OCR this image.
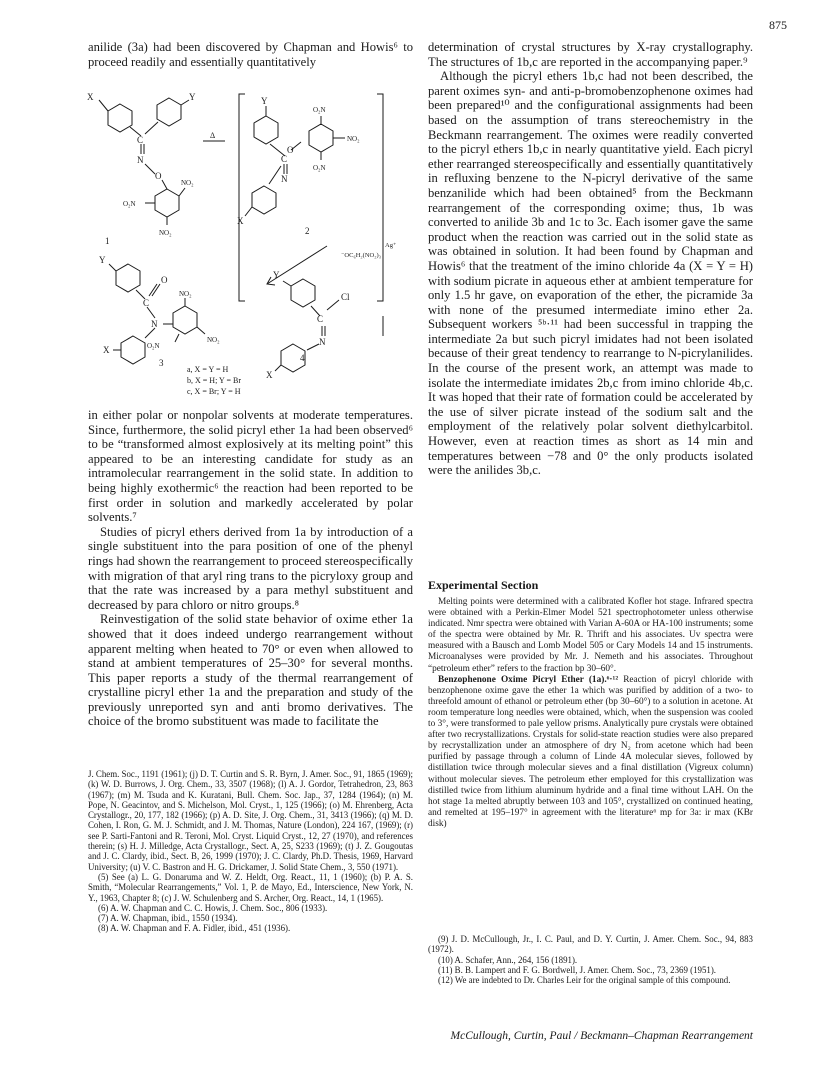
875

anilide (3a) had been discovered by Chapman and Howis⁶ to proceed readily and essentially quantitatively

X	Y
C
N
O
NO₂
O₂N
NO₂
1
Δ
Y
O
C
N
O₂N
NO₂
O₂N
X
2
Ag⁺
⁻OC₆H₂(NO₂)₃
Y
O
C
N
NO₂
X	O₂N
NO₂
3
Y
C
Cl
N
X
4
a, X = Y = H
b, X = H; Y = Br
c, X = Br; Y = H

in either polar or nonpolar solvents at moderate temperatures. Since, furthermore, the solid picryl ether 1a had been observed⁶ to be “transformed almost explosively at its melting point” this appeared to be an interesting candidate for study as an intramolecular rearrangement in the solid state. In addition to being highly exothermic⁶ the reaction had been reported to be first order in solution and markedly accelerated by polar solvents.⁷

Studies of picryl ethers derived from 1a by introduction of a single substituent into the para position of one of the phenyl rings had shown the rearrangement to proceed stereospecifically with migration of that aryl ring trans to the picryloxy group and that the rate was increased by a para methyl substituent and decreased by para chloro or nitro groups.⁸

Reinvestigation of the solid state behavior of oxime ether 1a showed that it does indeed undergo rearrangement without apparent melting when heated to 70° or even when allowed to stand at ambient temperatures of 25–30° for several months. This paper reports a study of the thermal rearrangement of crystalline picryl ether 1a and the preparation and study of the previously unreported syn and anti bromo derivatives. The choice of the bromo substituent was made to facilitate the

J. Chem. Soc., 1191 (1961); (j) D. T. Curtin and S. R. Byrn, J. Amer. Soc., 91, 1865 (1969); (k) W. D. Burrows, J. Org. Chem., 33, 3507 (1968); (l) A. J. Gordor, Tetrahedron, 23, 863 (1967); (m) M. Tsuda and K. Kuratani, Bull. Chem. Soc. Jap., 37, 1284 (1964); (n) M. Pope, N. Geacintov, and S. Michelson, Mol. Cryst., 1, 125 (1966); (o) M. Ehrenberg, Acta Crystallogr., 20, 177, 182 (1966); (p) A. D. Site, J. Org. Chem., 31, 3413 (1966); (q) M. D. Cohen, I. Ron, G. M. J. Schmidt, and J. M. Thomas, Nature (London), 224 167, (1969); (r) see P. Sarti-Fantoni and R. Teroni, Mol. Cryst. Liquid Cryst., 12, 27 (1970), and references therein; (s) H. J. Milledge, Acta Crystallogr., Sect. A, 25, S233 (1969); (t) J. Z. Gougoutas and J. C. Clardy, ibid., Sect. B, 26, 1999 (1970); J. C. Clardy, Ph.D. Thesis, 1969, Harvard University; (u) V. C. Bastron and H. G. Drickamer, J. Solid State Chem., 3, 550 (1971).

(5) See (a) L. G. Donaruma and W. Z. Heldt, Org. React., 11, 1 (1960); (b) P. A. S. Smith, “Molecular Rearrangements,” Vol. 1, P. de Mayo, Ed., Interscience, New York, N. Y., 1963, Chapter 8; (c) J. W. Schulenberg and S. Archer, Org. React., 14, 1 (1965).

(6) A. W. Chapman and C. C. Howis, J. Chem. Soc., 806 (1933).

(7) A. W. Chapman, ibid., 1550 (1934).

(8) A. W. Chapman and F. A. Fidler, ibid., 451 (1936).

determination of crystal structures by X-ray crystallography. The structures of 1b,c are reported in the accompanying paper.⁹

Although the picryl ethers 1b,c had not been described, the parent oximes syn- and anti-p-bromobenzophenone oximes had been prepared¹⁰ and the configurational assignments had been based on the assumption of trans stereochemistry in the Beckmann rearrangement. The oximes were readily converted to the picryl ethers 1b,c in nearly quantitative yield. Each picryl ether rearranged stereospecifically and essentially quantitatively in refluxing benzene to the N-picryl derivative of the same benzanilide which had been obtained⁵ from the Beckmann rearrangement of the corresponding oxime; thus, 1b was converted to anilide 3b and 1c to 3c. Each isomer gave the same product when the reaction was carried out in the solid state as was obtained in solution. It had been found by Chapman and Howis⁶ that the treatment of the imino chloride 4a (X = Y = H) with sodium picrate in aqueous ether at ambient temperature for only 1.5 hr gave, on evaporation of the ether, the picramide 3a with none of the presumed intermediate imino ether 2a. Subsequent workers ⁵ᵇ·¹¹ had been successful in trapping the intermediate 2a but such picryl imidates had not been isolated because of their great tendency to rearrange to N-picrylanilides. In the course of the present work, an attempt was made to isolate the intermediate imidates 2b,c from imino chloride 4b,c. It was hoped that their rate of formation could be accelerated by the use of silver picrate instead of the sodium salt and the employment of the relatively polar solvent diethylcarbitol. However, even at reaction times as short as 14 min and temperatures between −78 and 0° the only products isolated were the anilides 3b,c.

Experimental Section

Melting points were determined with a calibrated Kofler hot stage. Infrared spectra were obtained with a Perkin-Elmer Model 521 spectrophotometer unless otherwise indicated. Nmr spectra were obtained with Varian A-60A or HA-100 instruments; some of the spectra were obtained by Mr. R. Thrift and his associates. Uv spectra were measured with a Bausch and Lomb Model 505 or Cary Models 14 and 15 instruments. Microanalyses were provided by Mr. J. Nemeth and his associates. Throughout “petroleum ether” refers to the fraction bp 30–60°.

Benzophenone Oxime Picryl Ether (1a).⁶·¹² Reaction of picryl chloride with benzophenone oxime gave the ether 1a which was purified by addition of a two- to threefold amount of ethanol or petroleum ether (bp 30–60°) to a solution in acetone. At room temperature long needles were obtained, which, when the suspension was cooled to 3°, were transformed to pale yellow prisms. Analytically pure crystals were obtained after two recrystallizations. Crystals for solid-state reaction studies were also prepared by recrystallization under an atmosphere of dry N₂ from acetone which had been purified by passage through a column of Linde 4A molecular sieves, followed by distillation twice through molecular sieves and a final distillation (Vigreux column) without molecular sieves. The petroleum ether employed for this crystallization was distilled twice from lithium aluminum hydride and a final time without LAH. On the hot stage 1a melted abruptly between 103 and 105°, crystallized on continued heating, and remelted at 195–197° in agreement with the literature⁶ mp for 3a: ir max (KBr disk)

(9) J. D. McCullough, Jr., I. C. Paul, and D. Y. Curtin, J. Amer. Chem. Soc., 94, 883 (1972).

(10) A. Schafer, Ann., 264, 156 (1891).

(11) B. B. Lampert and F. G. Bordwell, J. Amer. Chem. Soc., 73, 2369 (1951).

(12) We are indebted to Dr. Charles Leir for the original sample of this compound.

McCullough, Curtin, Paul / Beckmann–Chapman Rearrangement
